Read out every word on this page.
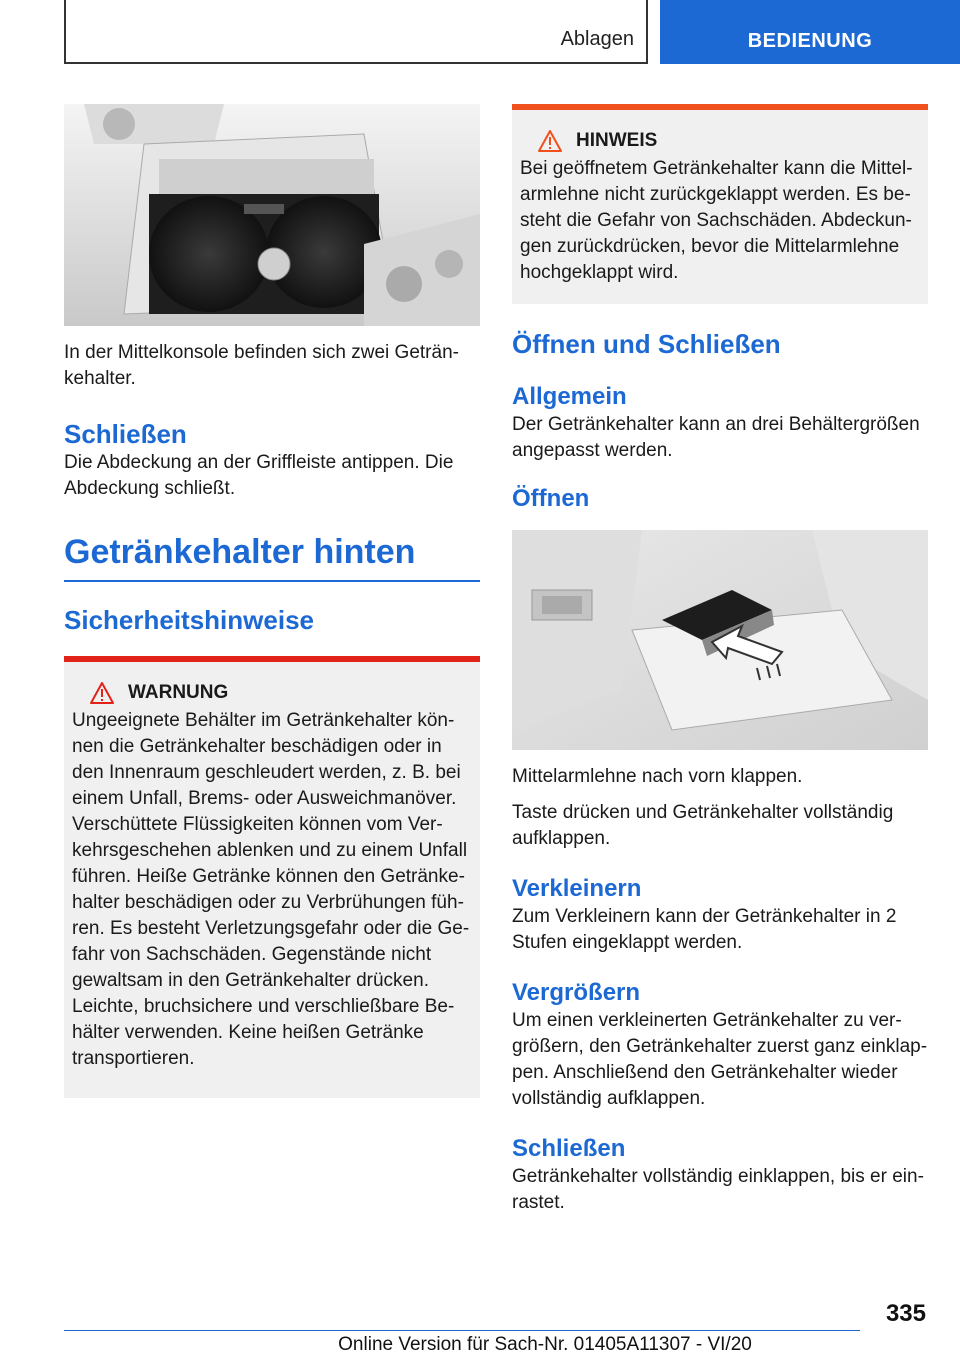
Ablagen	BEDIENUNG

In der Mittelkonsole befinden sich zwei Getränkehalter.

Schließen

Die Abdeckung an der Griffleiste antippen. Die Abdeckung schließt.

Getränkehalter hinten
Sicherheitshinweise
WARNUNG

Ungeeignete Behälter im Getränkehalter können die Getränkehalter beschädigen oder in den Innenraum geschleudert werden, z. B. bei einem Unfall, Brems- oder Ausweichmanöver. Verschüttete Flüssigkeiten können vom Verkehrsgeschehen ablenken und zu einem Unfall führen. Heiße Getränke können den Getränkehalter beschädigen oder zu Verbrühungen führen. Es besteht Verletzungsgefahr oder die Gefahr von Sachschäden. Gegenstände nicht gewaltsam in den Getränkehalter drücken. Leichte, bruchsichere und verschließbare Behälter verwenden. Keine heißen Getränke transportieren.

HINWEIS

Bei geöffnetem Getränkehalter kann die Mittelarmlehne nicht zurückgeklappt werden. Es besteht die Gefahr von Sachschäden. Abdeckungen zurückdrücken, bevor die Mittelarmlehne hochgeklappt wird.

Öffnen und Schließen
Allgemein

Der Getränkehalter kann an drei Behältergrößen angepasst werden.

Öffnen

Mittelarmlehne nach vorn klappen.

Taste drücken und Getränkehalter vollständig aufklappen.

Verkleinern

Zum Verkleinern kann der Getränkehalter in 2 Stufen eingeklappt werden.

Vergrößern

Um einen verkleinerten Getränkehalter zu vergrößern, den Getränkehalter zuerst ganz einklappen. Anschließend den Getränkehalter wieder vollständig aufklappen.

Schließen

Getränkehalter vollständig einklappen, bis er einrastet.

335
Online Version für Sach-Nr. 01405A11307 - VI/20
